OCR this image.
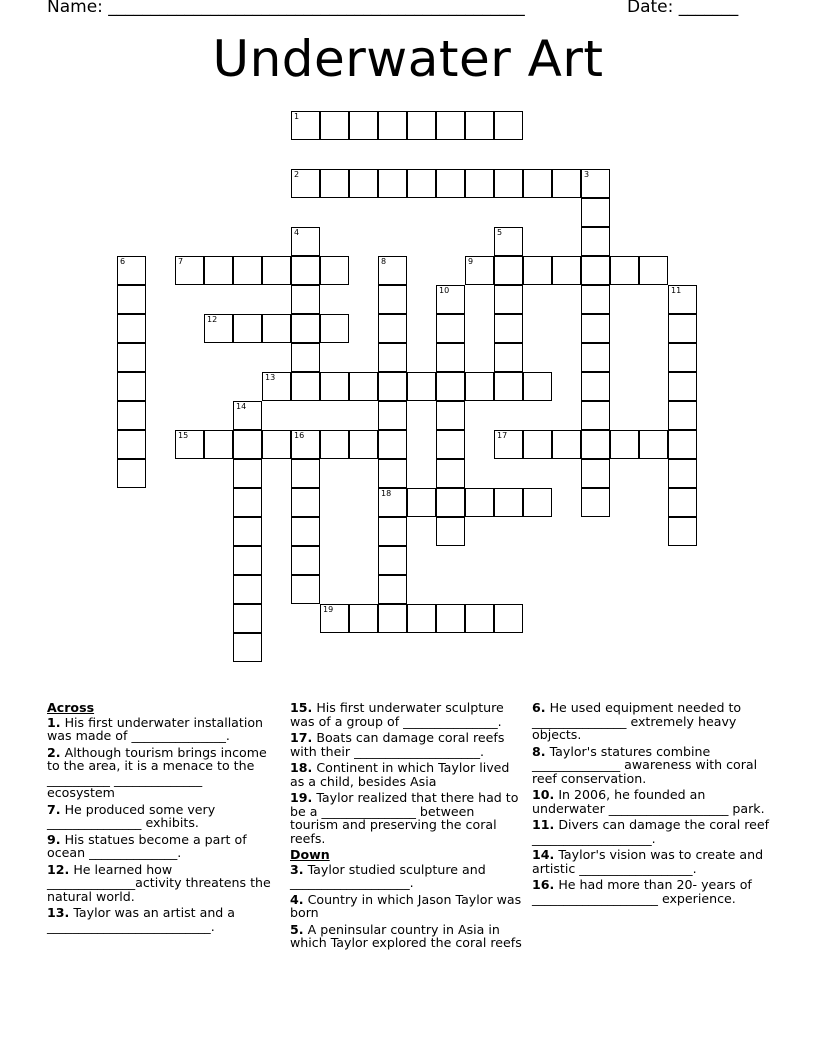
Name: _________________________________________________	Date: _______
Underwater Art
1
2	3
4	5
6	7	8
18
9
10	11
12
13
14
15	16	17
19
Across
1. His first underwater installation was made of _______________.
2. Although tourism brings income to the area, it is a menace to the __________ ______________ ecosystem
7. He produced some very _______________ exhibits.
9. His statues become a part of ocean ______________.
12. He learned how ______________activity threatens the natural world.
13. Taylor was an artist and a __________________________.
15. His first underwater sculpture was of a group of _______________.
17. Boats can damage coral reefs with their ____________________.
18. Continent in which Taylor lived as a child, besides Asia
19. Taylor realized that there had to be a _______________ between tourism and preserving the coral reefs.
Down
3. Taylor studied sculpture and ___________________.
4. Country in which Jason Taylor was born
5. A peninsular country in Asia in which Taylor explored the coral reefs
6. He used equipment needed to _______________ extremely heavy objects.
8. Taylor's statures combine ______________ awareness with coral reef conservation.
10. In 2006, he founded an underwater ___________________ park.
11. Divers can damage the coral reef ___________________.
14. Taylor's vision was to create and artistic __________________.
16. He had more than 20- years of ____________________ experience.
